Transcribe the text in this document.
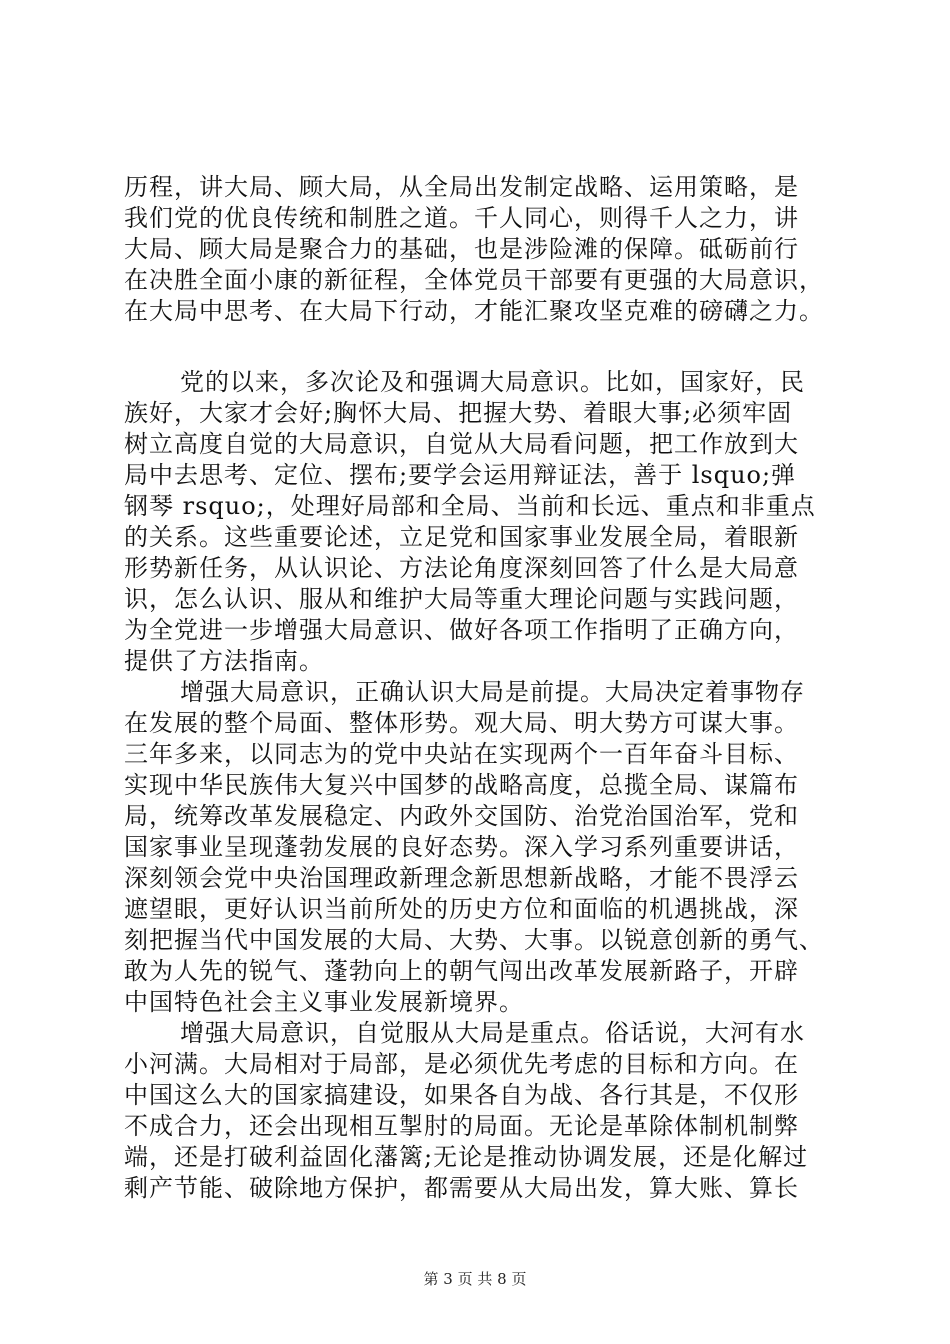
历程，讲大局、顾大局，从全局出发制定战略、运用策略，是
我们党的优良传统和制胜之道。千人同心，则得千人之力，讲
大局、顾大局是聚合力的基础，也是涉险滩的保障。砥砺前行
在决胜全面小康的新征程，全体党员干部要有更强的大局意识，
在大局中思考、在大局下行动，才能汇聚攻坚克难的磅礴之力。
党的以来，多次论及和强调大局意识。比如，国家好，民
族好，大家才会好;胸怀大局、把握大势、着眼大事;必须牢固
树立高度自觉的大局意识，自觉从大局看问题，把工作放到大
局中去思考、定位、摆布;要学会运用辩证法，善于 lsquo;弹
钢琴 rsquo;，处理好局部和全局、当前和长远、重点和非重点
的关系。这些重要论述，立足党和国家事业发展全局，着眼新
形势新任务，从认识论、方法论角度深刻回答了什么是大局意
识，怎么认识、服从和维护大局等重大理论问题与实践问题，
为全党进一步增强大局意识、做好各项工作指明了正确方向，
提供了方法指南。
增强大局意识，正确认识大局是前提。大局决定着事物存
在发展的整个局面、整体形势。观大局、明大势方可谋大事。
三年多来，以同志为的党中央站在实现两个一百年奋斗目标、
实现中华民族伟大复兴中国梦的战略高度，总揽全局、谋篇布
局，统筹改革发展稳定、内政外交国防、治党治国治军，党和
国家事业呈现蓬勃发展的良好态势。深入学习系列重要讲话，
深刻领会党中央治国理政新理念新思想新战略，才能不畏浮云
遮望眼，更好认识当前所处的历史方位和面临的机遇挑战，深
刻把握当代中国发展的大局、大势、大事。以锐意创新的勇气、
敢为人先的锐气、蓬勃向上的朝气闯出改革发展新路子，开辟
中国特色社会主义事业发展新境界。
增强大局意识，自觉服从大局是重点。俗话说，大河有水
小河满。大局相对于局部，是必须优先考虑的目标和方向。在
中国这么大的国家搞建设，如果各自为战、各行其是，不仅形
不成合力，还会出现相互掣肘的局面。无论是革除体制机制弊
端，还是打破利益固化藩篱;无论是推动协调发展，还是化解过
剩产节能、破除地方保护，都需要从大局出发，算大账、算长
第 3 页 共 8 页
